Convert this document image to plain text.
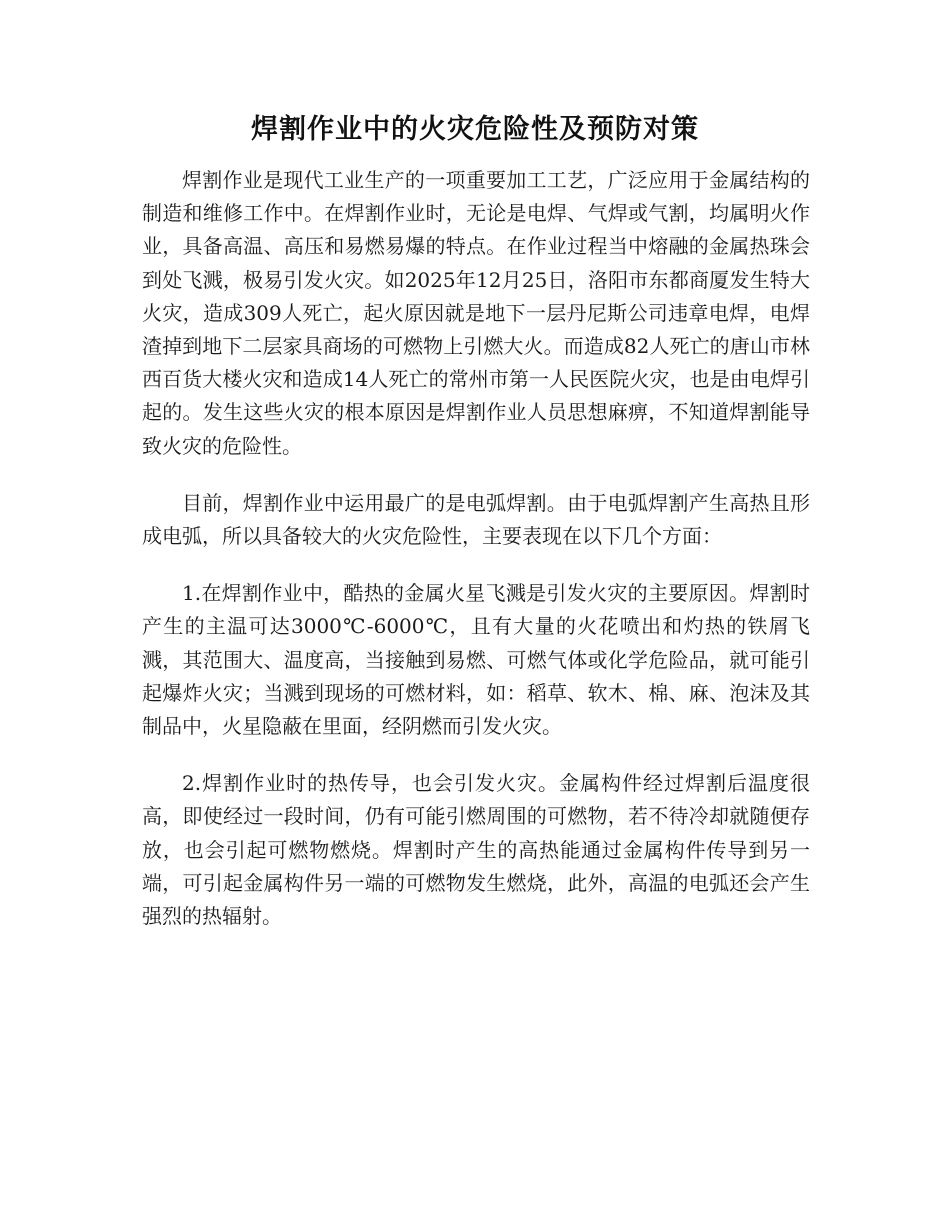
焊割作业中的火灾危险性及预防对策

焊割作业是现代工业生产的一项重要加工工艺，广泛应用于金属结构的制造和维修工作中。在焊割作业时，无论是电焊、气焊或气割，均属明火作业，具备高温、高压和易燃易爆的特点。在作业过程当中熔融的金属热珠会到处飞溅，极易引发火灾。如2025年12月25日，洛阳市东都商厦发生特大火灾，造成309人死亡，起火原因就是地下一层丹尼斯公司违章电焊，电焊渣掉到地下二层家具商场的可燃物上引燃大火。而造成82人死亡的唐山市林西百货大楼火灾和造成14人死亡的常州市第一人民医院火灾，也是由电焊引起的。发生这些火灾的根本原因是焊割作业人员思想麻痹，不知道焊割能导致火灾的危险性。

目前，焊割作业中运用最广的是电弧焊割。由于电弧焊割产生高热且形成电弧，所以具备较大的火灾危险性，主要表现在以下几个方面：

1.在焊割作业中，酷热的金属火星飞溅是引发火灾的主要原因。焊割时产生的主温可达3000℃-6000℃，且有大量的火花喷出和灼热的铁屑飞溅，其范围大、温度高，当接触到易燃、可燃气体或化学危险品，就可能引起爆炸火灾；当溅到现场的可燃材料，如：稻草、软木、棉、麻、泡沫及其制品中，火星隐蔽在里面，经阴燃而引发火灾。

2.焊割作业时的热传导，也会引发火灾。金属构件经过焊割后温度很高，即使经过一段时间，仍有可能引燃周围的可燃物，若不待冷却就随便存放，也会引起可燃物燃烧。焊割时产生的高热能通过金属构件传导到另一端，可引起金属构件另一端的可燃物发生燃烧，此外，高温的电弧还会产生强烈的热辐射。
